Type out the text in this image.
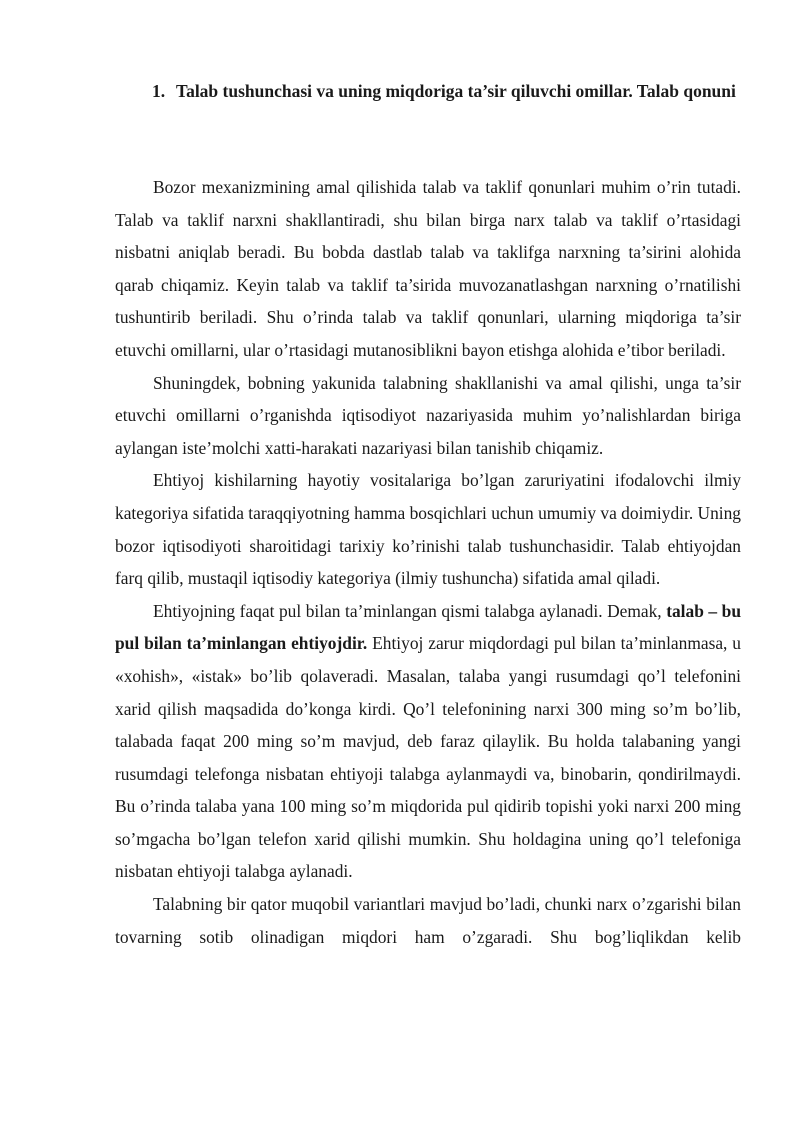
1. Talab tushunchasi va uning miqdoriga ta’sir qiluvchi omillar. Talab qonuni

Bozor mexanizmining amal qilishida talab va taklif qonunlari muhim o’rin tutadi. Talab va taklif narxni shakllantiradi, shu bilan birga narx talab va taklif o’rtasidagi nisbatni aniqlab beradi. Bu bobda dastlab talab va taklifga narxning ta’sirini alohida qarab chiqamiz. Keyin talab va taklif ta’sirida muvozanatlashgan narxning o’rnatilishi tushuntirib beriladi. Shu o’rinda talab va taklif qonunlari, ularning miqdoriga ta’sir etuvchi omillarni, ular o’rtasidagi mutanosiblikni bayon etishga alohida e’tibor beriladi.

Shuningdek, bobning yakunida talabning shakllanishi va amal qilishi, unga ta’sir etuvchi omillarni o’rganishda iqtisodiyot nazariyasida muhim yo’nalishlardan biriga aylangan iste’molchi xatti-harakati nazariyasi bilan tanishib chiqamiz.

Ehtiyoj kishilarning hayotiy vositalariga bo’lgan zaruriyatini ifodalovchi ilmiy kategoriya sifatida taraqqiyotning hamma bosqichlari uchun umumiy va doimiydir. Uning bozor iqtisodiyoti sharoitidagi tarixiy ko’rinishi talab tushunchasidir. Talab ehtiyojdan farq qilib, mustaqil iqtisodiy kategoriya (ilmiy tushuncha) sifatida amal qiladi.

Ehtiyojning faqat pul bilan ta’minlangan qismi talabga aylanadi. Demak, talab – bu pul bilan ta’minlangan ehtiyojdir. Ehtiyoj zarur miqdordagi pul bilan ta’minlanmasa, u «xohish», «istak» bo’lib qolaveradi. Masalan, talaba yangi rusumdagi qo’l telefonini xarid qilish maqsadida do’konga kirdi. Qo’l telefonining narxi 300 ming so’m bo’lib, talabada faqat 200 ming so’m mavjud, deb faraz qilaylik. Bu holda talabaning yangi rusumdagi telefonga nisbatan ehtiyoji talabga aylanmaydi va, binobarin, qondirilmaydi. Bu o’rinda talaba yana 100 ming so’m miqdorida pul qidirib topishi yoki narxi 200 ming so’mgacha bo’lgan telefon xarid qilishi mumkin. Shu holdagina uning qo’l telefoniga nisbatan ehtiyoji talabga aylanadi.

Talabning bir qator muqobil variantlari mavjud bo’ladi, chunki narx o’zgarishi bilan tovarning sotib olinadigan miqdori ham o’zgaradi. Shu bog’liqlikdan kelib
